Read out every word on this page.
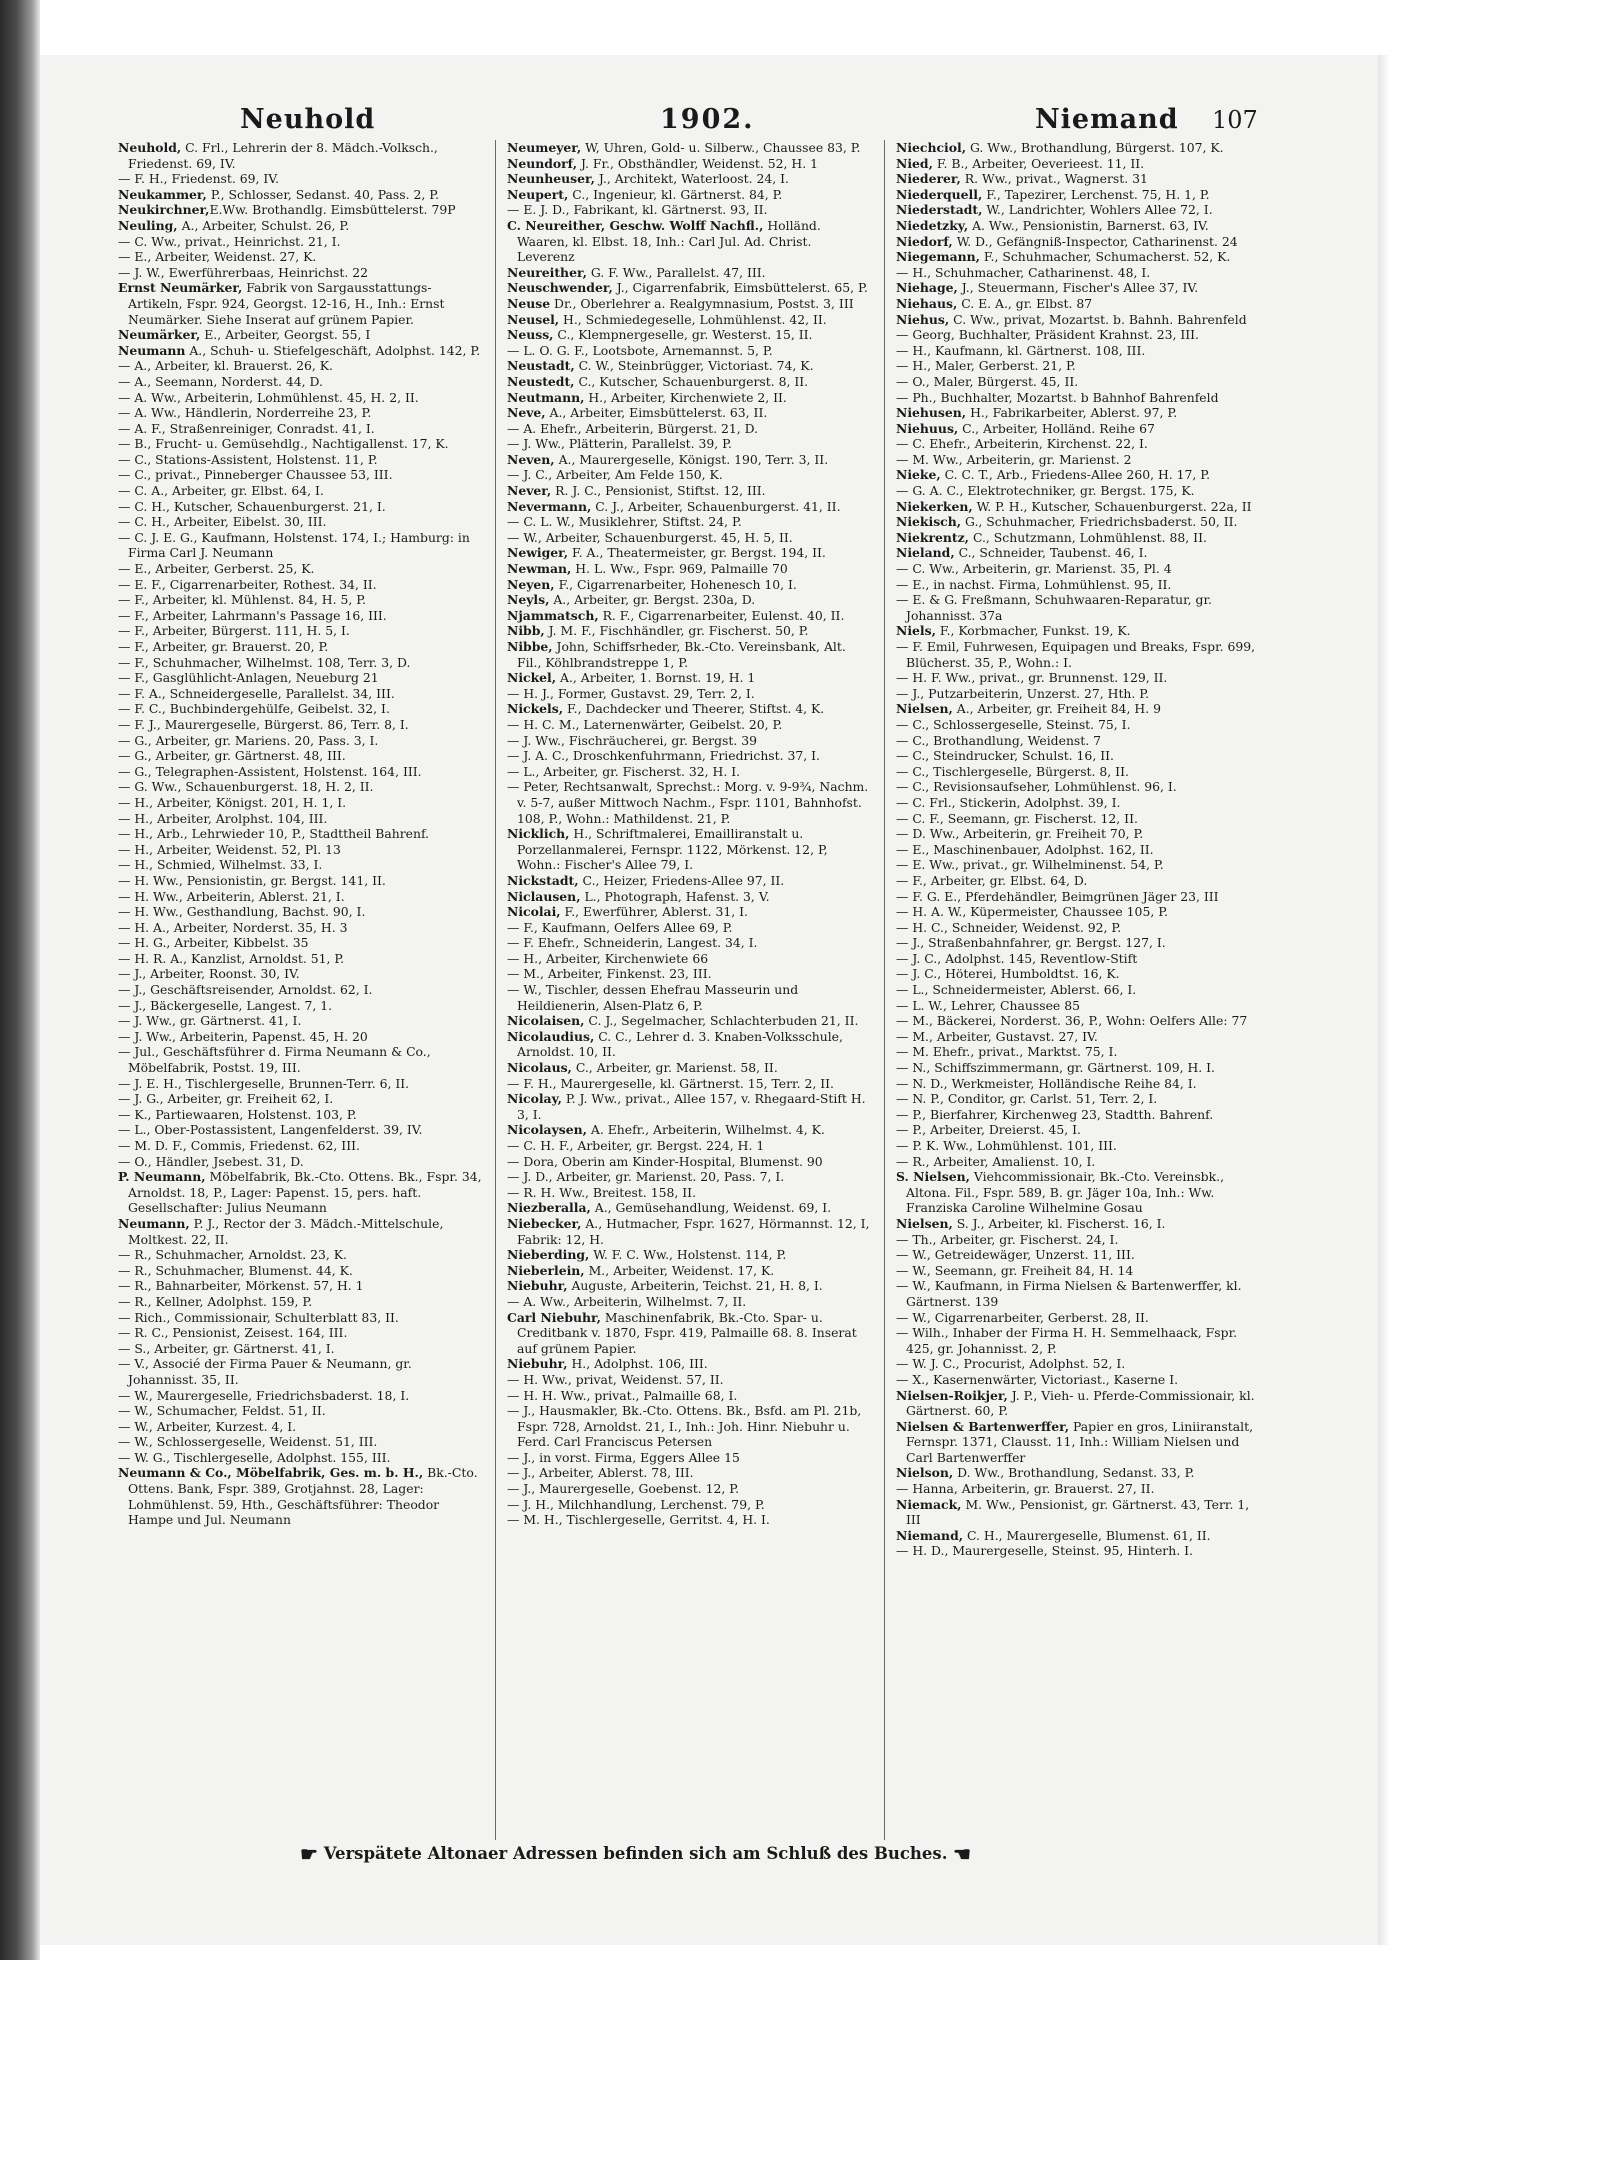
Neuhold	1902.	Niemand 107

Neuhold, C. Frl., Lehrerin der 8. Mädch.-Volksch., Friedenst. 69, IV.

— F. H., Friedenst. 69, IV.

Neukammer, P., Schlosser, Sedanst. 40, Pass. 2, P.

Neukirchner,E.Ww. Brothandlg. Eimsbüttelerst. 79P

Neuling, A., Arbeiter, Schulst. 26, P.

— C. Ww., privat., Heinrichst. 21, I.

— E., Arbeiter, Weidenst. 27, K.

— J. W., Ewerführerbaas, Heinrichst. 22

Ernst Neumärker, Fabrik von Sargausstattungs-Artikeln, Fspr. 924, Georgst. 12-16, H., Inh.: Ernst Neumärker. Siehe Inserat auf grünem Papier.

Neumärker, E., Arbeiter, Georgst. 55, I

Neumann A., Schuh- u. Stiefelgeschäft, Adolphst. 142, P.

— A., Arbeiter, kl. Brauerst. 26, K.

— A., Seemann, Norderst. 44, D.

— A. Ww., Arbeiterin, Lohmühlenst. 45, H. 2, II.

— A. Ww., Händlerin, Norderreihe 23, P.

— A. F., Straßenreiniger, Conradst. 41, I.

— B., Frucht- u. Gemüsehdlg., Nachtigallenst. 17, K.

— C., Stations-Assistent, Holstenst. 11, P.

— C., privat., Pinneberger Chaussee 53, III.

— C. A., Arbeiter, gr. Elbst. 64, I.

— C. H., Kutscher, Schauenburgerst. 21, I.

— C. H., Arbeiter, Eibelst. 30, III.

— C. J. E. G., Kaufmann, Holstenst. 174, I.; Hamburg: in Firma Carl J. Neumann

— E., Arbeiter, Gerberst. 25, K.

— E. F., Cigarrenarbeiter, Rothest. 34, II.

— F., Arbeiter, kl. Mühlenst. 84, H. 5, P.

— F., Arbeiter, Lahrmann's Passage 16, III.

— F., Arbeiter, Bürgerst. 111, H. 5, I.

— F., Arbeiter, gr. Brauerst. 20, P.

— F., Schuhmacher, Wilhelmst. 108, Terr. 3, D.

— F., Gasglühlicht-Anlagen, Neueburg 21

— F. A., Schneidergeselle, Parallelst. 34, III.

— F. C., Buchbindergehülfe, Geibelst. 32, I.

— F. J., Maurergeselle, Bürgerst. 86, Terr. 8, I.

— G., Arbeiter, gr. Mariens. 20, Pass. 3, I.

— G., Arbeiter, gr. Gärtnerst. 48, III.

— G., Telegraphen-Assistent, Holstenst. 164, III.

— G. Ww., Schauenburgerst. 18, H. 2, II.

— H., Arbeiter, Königst. 201, H. 1, I.

— H., Arbeiter, Arolphst. 104, III.

— H., Arb., Lehrwieder 10, P., Stadttheil Bahrenf.

— H., Arbeiter, Weidenst. 52, Pl. 13

— H., Schmied, Wilhelmst. 33, I.

— H. Ww., Pensionistin, gr. Bergst. 141, II.

— H. Ww., Arbeiterin, Ablerst. 21, I.

— H. Ww., Gesthandlung, Bachst. 90, I.

— H. A., Arbeiter, Norderst. 35, H. 3

— H. G., Arbeiter, Kibbelst. 35

— H. R. A., Kanzlist, Arnoldst. 51, P.

— J., Arbeiter, Roonst. 30, IV.

— J., Geschäftsreisender, Arnoldst. 62, I.

— J., Bäckergeselle, Langest. 7, 1.

— J. Ww., gr. Gärtnerst. 41, I.

— J. Ww., Arbeiterin, Papenst. 45, H. 20

— Jul., Geschäftsführer d. Firma Neumann & Co., Möbelfabrik, Postst. 19, III.

— J. E. H., Tischlergeselle, Brunnen-Terr. 6, II.

— J. G., Arbeiter, gr. Freiheit 62, I.

— K., Partiewaaren, Holstenst. 103, P.

— L., Ober-Postassistent, Langenfelderst. 39, IV.

— M. D. F., Commis, Friedenst. 62, III.

— O., Händler, Jsebest. 31, D.

P. Neumann, Möbelfabrik, Bk.-Cto. Ottens. Bk., Fspr. 34, Arnoldst. 18, P., Lager: Papenst. 15, pers. haft. Gesellschafter: Julius Neumann

Neumann, P. J., Rector der 3. Mädch.-Mittelschule, Moltkest. 22, II.

— R., Schuhmacher, Arnoldst. 23, K.

— R., Schuhmacher, Blumenst. 44, K.

— R., Bahnarbeiter, Mörkenst. 57, H. 1

— R., Kellner, Adolphst. 159, P.

— Rich., Commissionair, Schulterblatt 83, II.

— R. C., Pensionist, Zeisest. 164, III.

— S., Arbeiter, gr. Gärtnerst. 41, I.

— V., Associé der Firma Pauer & Neumann, gr. Johannisst. 35, II.

— W., Maurergeselle, Friedrichsbaderst. 18, I.

— W., Schumacher, Feldst. 51, II.

— W., Arbeiter, Kurzest. 4, I.

— W., Schlossergeselle, Weidenst. 51, III.

— W. G., Tischlergeselle, Adolphst. 155, III.

Neumann & Co., Möbelfabrik, Ges. m. b. H., Bk.-Cto. Ottens. Bank, Fspr. 389, Grotjahnst. 28, Lager: Lohmühlenst. 59, Hth., Geschäftsführer: Theodor Hampe und Jul. Neumann

Neumeyer, W, Uhren, Gold- u. Silberw., Chaussee 83, P.

Neundorf, J. Fr., Obsthändler, Weidenst. 52, H. 1

Neunheuser, J., Architekt, Waterloost. 24, I.

Neupert, C., Ingenieur, kl. Gärtnerst. 84, P.

— E. J. D., Fabrikant, kl. Gärtnerst. 93, II.

C. Neureither, Geschw. Wolff Nachfl., Holländ. Waaren, kl. Elbst. 18, Inh.: Carl Jul. Ad. Christ. Leverenz

Neureither, G. F. Ww., Parallelst. 47, III.

Neuschwender, J., Cigarrenfabrik, Eimsbüttelerst. 65, P.

Neuse Dr., Oberlehrer a. Realgymnasium, Postst. 3, III

Neusel, H., Schmiedegeselle, Lohmühlenst. 42, II.

Neuss, C., Klempnergeselle, gr. Westerst. 15, II.

— L. O. G. F., Lootsbote, Arnemannst. 5, P.

Neustadt, C. W., Steinbrügger, Victoriast. 74, K.

Neustedt, C., Kutscher, Schauenburgerst. 8, II.

Neutmann, H., Arbeiter, Kirchenwiete 2, II.

Neve, A., Arbeiter, Eimsbüttelerst. 63, II.

— A. Ehefr., Arbeiterin, Bürgerst. 21, D.

— J. Ww., Plätterin, Parallelst. 39, P.

Neven, A., Maurergeselle, Königst. 190, Terr. 3, II.

— J. C., Arbeiter, Am Felde 150, K.

Never, R. J. C., Pensionist, Stiftst. 12, III.

Nevermann, C. J., Arbeiter, Schauenburgerst. 41, II.

— C. L. W., Musiklehrer, Stiftst. 24, P.

— W., Arbeiter, Schauenburgerst. 45, H. 5, II.

Newiger, F. A., Theatermeister, gr. Bergst. 194, II.

Newman, H. L. Ww., Fspr. 969, Palmaille 70

Neyen, F., Cigarrenarbeiter, Hohenesch 10, I.

Neyls, A., Arbeiter, gr. Bergst. 230a, D.

Njammatsch, R. F., Cigarrenarbeiter, Eulenst. 40, II.

Nibb, J. M. F., Fischhändler, gr. Fischerst. 50, P.

Nibbe, John, Schiffsrheder, Bk.-Cto. Vereinsbank, Alt. Fil., Köhlbrandstreppe 1, P.

Nickel, A., Arbeiter, 1. Bornst. 19, H. 1

— H. J., Former, Gustavst. 29, Terr. 2, I.

Nickels, F., Dachdecker und Theerer, Stiftst. 4, K.

— H. C. M., Laternenwärter, Geibelst. 20, P.

— J. Ww., Fischräucherei, gr. Bergst. 39

— J. A. C., Droschkenfuhrmann, Friedrichst. 37, I.

— L., Arbeiter, gr. Fischerst. 32, H. I.

— Peter, Rechtsanwalt, Sprechst.: Morg. v. 9-9¾, Nachm. v. 5-7, außer Mittwoch Nachm., Fspr. 1101, Bahnhofst. 108, P., Wohn.: Mathildenst. 21, P.

Nicklich, H., Schriftmalerei, Emailliranstalt u. Porzellanmalerei, Fernspr. 1122, Mörkenst. 12, P, Wohn.: Fischer's Allee 79, I.

Nickstadt, C., Heizer, Friedens-Allee 97, II.

Niclausen, L., Photograph, Hafenst. 3, V.

Nicolai, F., Ewerführer, Ablerst. 31, I.

— F., Kaufmann, Oelfers Allee 69, P.

— F. Ehefr., Schneiderin, Langest. 34, I.

— H., Arbeiter, Kirchenwiete 66

— M., Arbeiter, Finkenst. 23, III.

— W., Tischler, dessen Ehefrau Masseurin und Heildienerin, Alsen-Platz 6, P.

Nicolaisen, C. J., Segelmacher, Schlachterbuden 21, II.

Nicolaudius, C. C., Lehrer d. 3. Knaben-Volksschule, Arnoldst. 10, II.

Nicolaus, C., Arbeiter, gr. Marienst. 58, II.

— F. H., Maurergeselle, kl. Gärtnerst. 15, Terr. 2, II.

Nicolay, P. J. Ww., privat., Allee 157, v. Rhegaard-Stift H. 3, I.

Nicolaysen, A. Ehefr., Arbeiterin, Wilhelmst. 4, K.

— C. H. F., Arbeiter, gr. Bergst. 224, H. 1

— Dora, Oberin am Kinder-Hospital, Blumenst. 90

— J. D., Arbeiter, gr. Marienst. 20, Pass. 7, I.

— R. H. Ww., Breitest. 158, II.

Niezberalla, A., Gemüsehandlung, Weidenst. 69, I.

Niebecker, A., Hutmacher, Fspr. 1627, Hörmannst. 12, I, Fabrik: 12, H.

Nieberding, W. F. C. Ww., Holstenst. 114, P.

Nieberlein, M., Arbeiter, Weidenst. 17, K.

Niebuhr, Auguste, Arbeiterin, Teichst. 21, H. 8, I.

— A. Ww., Arbeiterin, Wilhelmst. 7, II.

Carl Niebuhr, Maschinenfabrik, Bk.-Cto. Spar- u. Creditbank v. 1870, Fspr. 419, Palmaille 68. 8. Inserat auf grünem Papier.

Niebuhr, H., Adolphst. 106, III.

— H. Ww., privat, Weidenst. 57, II.

— H. H. Ww., privat., Palmaille 68, I.

— J., Hausmakler, Bk.-Cto. Ottens. Bk., Bsfd. am Pl. 21b, Fspr. 728, Arnoldst. 21, I., Inh.: Joh. Hinr. Niebuhr u. Ferd. Carl Franciscus Petersen

— J., in vorst. Firma, Eggers Allee 15

— J., Arbeiter, Ablerst. 78, III.

— J., Maurergeselle, Goebenst. 12, P.

— J. H., Milchhandlung, Lerchenst. 79, P.

— M. H., Tischlergeselle, Gerritst. 4, H. I.

Niechciol, G. Ww., Brothandlung, Bürgerst. 107, K.

Nied, F. B., Arbeiter, Oeverieest. 11, II.

Niederer, R. Ww., privat., Wagnerst. 31

Niederquell, F., Tapezirer, Lerchenst. 75, H. 1, P.

Niederstadt, W., Landrichter, Wohlers Allee 72, I.

Niedetzky, A. Ww., Pensionistin, Barnerst. 63, IV.

Niedorf, W. D., Gefängniß-Inspector, Catharinenst. 24

Niegemann, F., Schuhmacher, Schumacherst. 52, K.

— H., Schuhmacher, Catharinenst. 48, I.

Niehage, J., Steuermann, Fischer's Allee 37, IV.

Niehaus, C. E. A., gr. Elbst. 87

Niehus, C. Ww., privat, Mozartst. b. Bahnh. Bahrenfeld

— Georg, Buchhalter, Präsident Krahnst. 23, III.

— H., Kaufmann, kl. Gärtnerst. 108, III.

— H., Maler, Gerberst. 21, P.

— O., Maler, Bürgerst. 45, II.

— Ph., Buchhalter, Mozartst. b Bahnhof Bahrenfeld

Niehusen, H., Fabrikarbeiter, Ablerst. 97, P.

Niehuus, C., Arbeiter, Holländ. Reihe 67

— C. Ehefr., Arbeiterin, Kirchenst. 22, I.

— M. Ww., Arbeiterin, gr. Marienst. 2

Nieke, C. C. T., Arb., Friedens-Allee 260, H. 17, P.

— G. A. C., Elektrotechniker, gr. Bergst. 175, K.

Niekerken, W. P. H., Kutscher, Schauenburgerst. 22a, II

Niekisch, G., Schuhmacher, Friedrichsbaderst. 50, II.

Niekrentz, C., Schutzmann, Lohmühlenst. 88, II.

Nieland, C., Schneider, Taubenst. 46, I.

— C. Ww., Arbeiterin, gr. Marienst. 35, Pl. 4

— E., in nachst. Firma, Lohmühlenst. 95, II.

— E. & G. Freßmann, Schuhwaaren-Reparatur, gr. Johannisst. 37a

Niels, F., Korbmacher, Funkst. 19, K.

— F. Emil, Fuhrwesen, Equipagen und Breaks, Fspr. 699, Blücherst. 35, P., Wohn.: I.

— H. F. Ww., privat., gr. Brunnenst. 129, II.

— J., Putzarbeiterin, Unzerst. 27, Hth. P.

Nielsen, A., Arbeiter, gr. Freiheit 84, H. 9

— C., Schlossergeselle, Steinst. 75, I.

— C., Brothandlung, Weidenst. 7

— C., Steindrucker, Schulst. 16, II.

— C., Tischlergeselle, Bürgerst. 8, II.

— C., Revisionsaufseher, Lohmühlenst. 96, I.

— C. Frl., Stickerin, Adolphst. 39, I.

— C. F., Seemann, gr. Fischerst. 12, II.

— D. Ww., Arbeiterin, gr. Freiheit 70, P.

— E., Maschinenbauer, Adolphst. 162, II.

— E. Ww., privat., gr. Wilhelminenst. 54, P.

— F., Arbeiter, gr. Elbst. 64, D.

— F. G. E., Pferdehändler, Beimgrünen Jäger 23, III

— H. A. W., Küpermeister, Chaussee 105, P.

— H. C., Schneider, Weidenst. 92, P.

— J., Straßenbahnfahrer, gr. Bergst. 127, I.

— J. C., Adolphst. 145, Reventlow-Stift

— J. C., Höterei, Humboldtst. 16, K.

— L., Schneidermeister, Ablerst. 66, I.

— L. W., Lehrer, Chaussee 85

— M., Bäckerei, Norderst. 36, P., Wohn: Oelfers Alle: 77

— M., Arbeiter, Gustavst. 27, IV.

— M. Ehefr., privat., Marktst. 75, I.

— N., Schiffszimmermann, gr. Gärtnerst. 109, H. I.

— N. D., Werkmeister, Holländische Reihe 84, I.

— N. P., Conditor, gr. Carlst. 51, Terr. 2, I.

— P., Bierfahrer, Kirchenweg 23, Stadtth. Bahrenf.

— P., Arbeiter, Dreierst. 45, I.

— P. K. Ww., Lohmühlenst. 101, III.

— R., Arbeiter, Amalienst. 10, I.

S. Nielsen, Viehcommissionair, Bk.-Cto. Vereinsbk., Altona. Fil., Fspr. 589, B. gr. Jäger 10a, Inh.: Ww. Franziska Caroline Wilhelmine Gosau

Nielsen, S. J., Arbeiter, kl. Fischerst. 16, I.

— Th., Arbeiter, gr. Fischerst. 24, I.

— W., Getreidewäger, Unzerst. 11, III.

— W., Seemann, gr. Freiheit 84, H. 14

— W., Kaufmann, in Firma Nielsen & Bartenwerffer, kl. Gärtnerst. 139

— W., Cigarrenarbeiter, Gerberst. 28, II.

— Wilh., Inhaber der Firma H. H. Semmelhaack, Fspr. 425, gr. Johannisst. 2, P.

— W. J. C., Procurist, Adolphst. 52, I.

— X., Kasernenwärter, Victoriast., Kaserne I.

Nielsen-Roikjer, J. P., Vieh- u. Pferde-Commissionair, kl. Gärtnerst. 60, P.

Nielsen & Bartenwerffer, Papier en gros, Liniiranstalt, Fernspr. 1371, Clausst. 11, Inh.: William Nielsen und Carl Bartenwerffer

Nielson, D. Ww., Brothandlung, Sedanst. 33, P.

— Hanna, Arbeiterin, gr. Brauerst. 27, II.

Niemack, M. Ww., Pensionist, gr. Gärtnerst. 43, Terr. 1, III

Niemand, C. H., Maurergeselle, Blumenst. 61, II.

— H. D., Maurergeselle, Steinst. 95, Hinterh. I.

☛ Verspätete Altonaer Adressen befinden sich am Schluß des Buches. ☛
